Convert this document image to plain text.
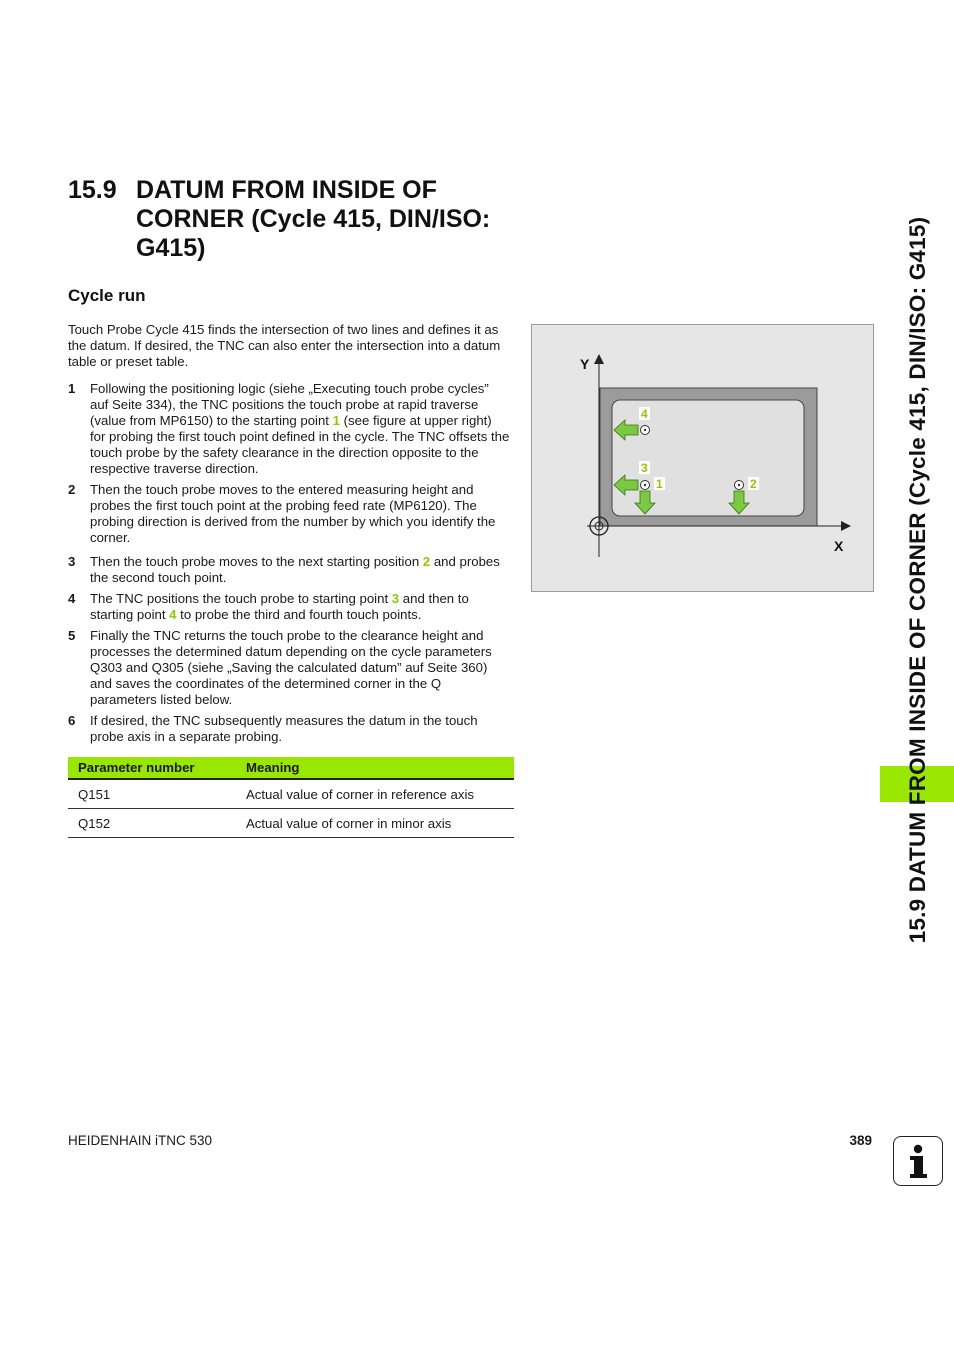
15.9 DATUM FROM INSIDE OF CORNER (Cycle 415, DIN/ISO: G415)
Cycle run
Touch Probe Cycle 415 finds the intersection of two lines and defines it as the datum. If desired, the TNC can also enter the intersection into a datum table or preset table.
1 Following the positioning logic (siehe „Executing touch probe cycles” auf Seite 334), the TNC positions the touch probe at rapid traverse (value from MP6150) to the starting point 1 (see figure at upper right) for probing the first touch point defined in the cycle. The TNC offsets the touch probe by the safety clearance in the direction opposite to the respective traverse direction.
2 Then the touch probe moves to the entered measuring height and probes the first touch point at the probing feed rate (MP6120). The probing direction is derived from the number by which you identify the corner.
3 Then the touch probe moves to the next starting position 2 and probes the second touch point.
4 The TNC positions the touch probe to starting point 3 and then to starting point 4 to probe the third and fourth touch points.
5 Finally the TNC returns the touch probe to the clearance height and processes the determined datum depending on the cycle parameters Q303 and Q305 (siehe „Saving the calculated datum” auf Seite 360) and saves the coordinates of the determined corner in the Q parameters listed below.
6 If desired, the TNC subsequently measures the datum in the touch probe axis in a separate probing.
Parameter number	Meaning
Q151	Actual value of corner in reference axis
Q152	Actual value of corner in minor axis
4
3
1	2
Y
X	15.9 DATUM FROM INSIDE OF CORNER (Cycle 415, DIN/ISO: G415)
HEIDENHAIN iTNC 530	389
